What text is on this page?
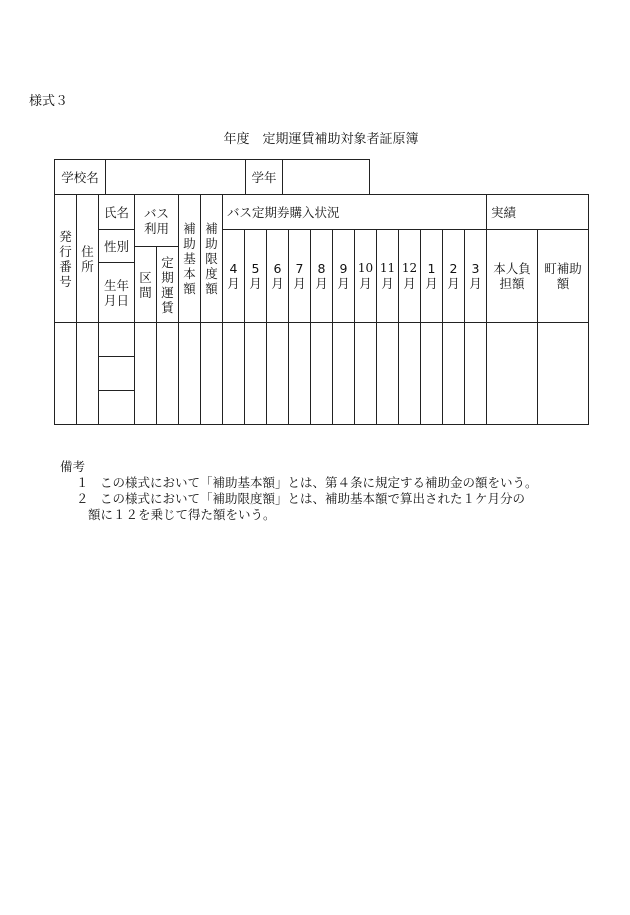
様式３
年度　定期運賃補助対象者証原簿
学校名	学年
発
行
番
号
住
所
氏名
性別
生年
月日
バス
利用
区
間
定
期
運
賃
補
助
基
本
額
補
助
限
度
額
バス定期券購入状況	実績
本人負
担額
町補助
額
4
月
5
月
6
月
7
月
8
月
9
月
10
月
11
月
12
月
1
月
2
月
3
月
備考
１ この様式において「補助基本額」とは、第４条に規定する補助金の額をいう。
２ この様式において「補助限度額」とは、補助基本額で算出された１ケ月分の
額に１２を乗じて得た額をいう。
